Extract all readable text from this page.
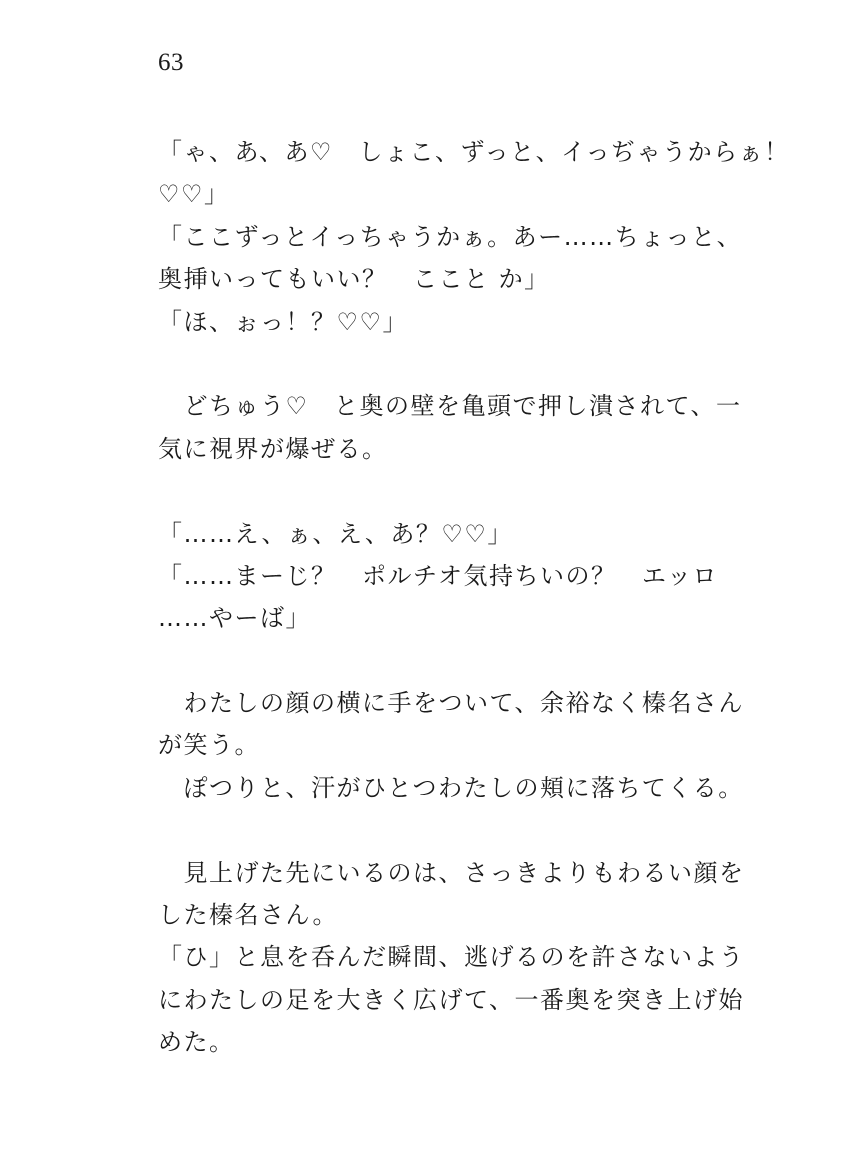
63
「ゃ、あ、あ♡　しょこ、ずっと、イっぢゃうからぁ！
♡♡」
「ここずっとイっちゃうかぁ。あー……ちょっと、
奥挿いってもいい？　ここと か」
「ほ、ぉっ！？♡♡」
　どちゅう♡　と奥の壁を亀頭で押し潰されて、一
気に視界が爆ぜる。
「……え、ぁ、え、あ？♡♡」
「……まーじ？　ポルチオ気持ちいの？　エッロ
……やーば」
　わたしの顔の横に手をついて、余裕なく榛名さん
が笑う。
　ぽつりと、汗がひとつわたしの頬に落ちてくる。
　見上げた先にいるのは、さっきよりもわるい顔を
した榛名さん。
「ひ」と息を呑んだ瞬間、逃げるのを許さないよう
にわたしの足を大きく広げて、一番奥を突き上げ始
めた。
